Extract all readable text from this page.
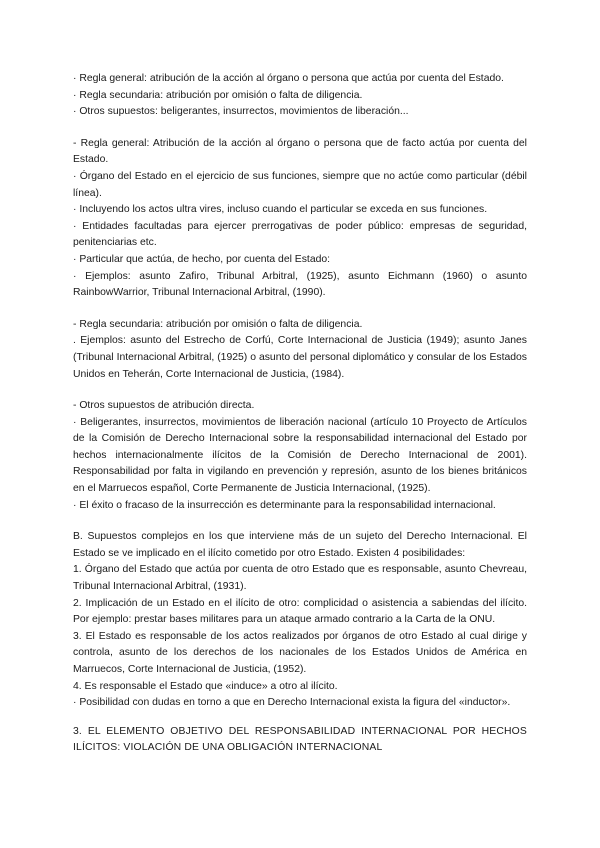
· Regla general: atribución de la acción al órgano o persona que actúa por cuenta del Estado.

· Regla secundaria: atribución por omisión o falta de diligencia.

· Otros supuestos: beligerantes, insurrectos, movimientos de liberación...

- Regla general: Atribución de la acción al órgano o persona que de facto actúa por cuenta del Estado.

· Órgano del Estado en el ejercicio de sus funciones, siempre que no actúe como particular (débil línea).

· Incluyendo los actos ultra vires, incluso cuando el particular se exceda en sus funciones.

· Entidades facultadas para ejercer prerrogativas de poder público: empresas de seguridad, penitenciarias etc.

· Particular que actúa, de hecho, por cuenta del Estado:

· Ejemplos: asunto Zafiro, Tribunal Arbitral, (1925), asunto Eichmann (1960) o asunto RainbowWarrior, Tribunal Internacional Arbitral, (1990).

- Regla secundaria: atribución por omisión o falta de diligencia.

. Ejemplos: asunto del Estrecho de Corfú, Corte Internacional de Justicia (1949); asunto Janes (Tribunal Internacional Arbitral, (1925) o asunto del personal diplomático y consular de los Estados Unidos en Teherán, Corte Internacional de Justicia, (1984).

- Otros supuestos de atribución directa.

· Beligerantes, insurrectos, movimientos de liberación nacional (artículo 10 Proyecto de Artículos de la Comisión de Derecho Internacional sobre la responsabilidad internacional del Estado por hechos internacionalmente ilícitos de la Comisión de Derecho Internacional de 2001). Responsabilidad por falta in vigilando en prevención y represión, asunto de los bienes británicos en el Marruecos español, Corte Permanente de Justicia Internacional, (1925).

· El éxito o fracaso de la insurrección es determinante para la responsabilidad internacional.

B. Supuestos complejos en los que interviene más de un sujeto del Derecho Internacional. El Estado se ve implicado en el ilícito cometido por otro Estado. Existen 4 posibilidades:

1. Órgano del Estado que actúa por cuenta de otro Estado que es responsable, asunto Chevreau, Tribunal Internacional Arbitral, (1931).

2. Implicación de un Estado en el ilícito de otro: complicidad o asistencia a sabiendas del ilícito. Por ejemplo: prestar bases militares para un ataque armado contrario a la Carta de la ONU.

3. El Estado es responsable de los actos realizados por órganos de otro Estado al cual dirige y controla, asunto de los derechos de los nacionales de los Estados Unidos de América en Marruecos, Corte Internacional de Justicia, (1952).

4. Es responsable el Estado que «induce» a otro al ilícito.

· Posibilidad con dudas en torno a que en Derecho Internacional exista la figura del «inductor».

3. EL ELEMENTO OBJETIVO DEL RESPONSABILIDAD INTERNACIONAL POR HECHOS ILÍCITOS: VIOLACIÓN DE UNA OBLIGACIÓN INTERNACIONAL
